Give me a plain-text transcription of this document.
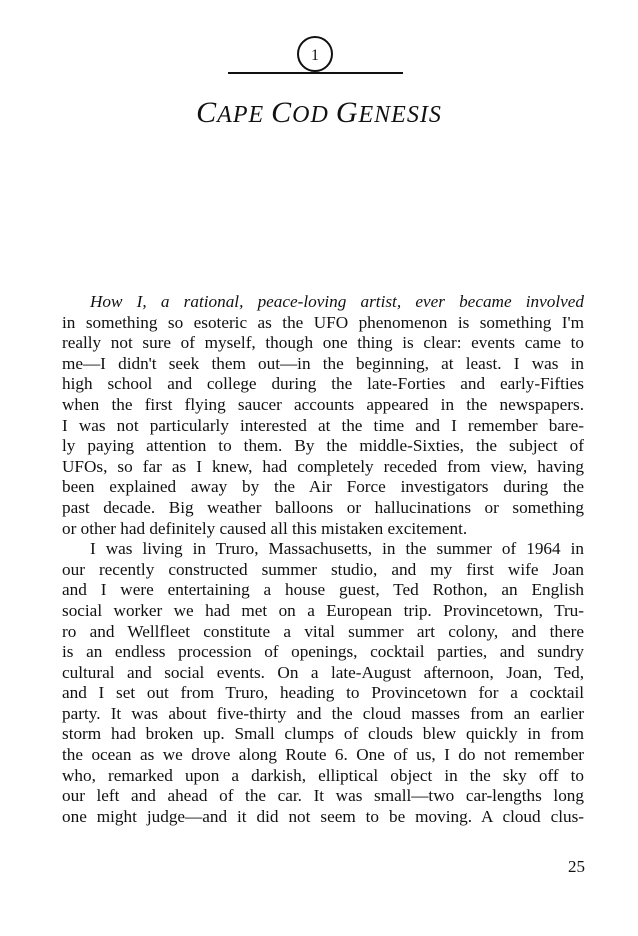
1
CAPE COD GENESIS
How I, a rational, peace-loving artist, ever became involved
in something so esoteric as the UFO phenomenon is something I'm
really not sure of myself, though one thing is clear: events came to
me—I didn't seek them out—in the beginning, at least. I was in
high school and college during the late-Forties and early-Fifties
when the first flying saucer accounts appeared in the newspapers.
I was not particularly interested at the time and I remember bare-
ly paying attention to them. By the middle-Sixties, the subject of
UFOs, so far as I knew, had completely receded from view, having
been explained away by the Air Force investigators during the
past decade. Big weather balloons or hallucinations or something
or other had definitely caused all this mistaken excitement.
I was living in Truro, Massachusetts, in the summer of 1964 in
our recently constructed summer studio, and my first wife Joan
and I were entertaining a house guest, Ted Rothon, an English
social worker we had met on a European trip. Provincetown, Tru-
ro and Wellfleet constitute a vital summer art colony, and there
is an endless procession of openings, cocktail parties, and sundry
cultural and social events. On a late-August afternoon, Joan, Ted,
and I set out from Truro, heading to Provincetown for a cocktail
party. It was about five-thirty and the cloud masses from an earlier
storm had broken up. Small clumps of clouds blew quickly in from
the ocean as we drove along Route 6. One of us, I do not remember
who, remarked upon a darkish, elliptical object in the sky off to
our left and ahead of the car. It was small—two car-lengths long
one might judge—and it did not seem to be moving. A cloud clus-
25
